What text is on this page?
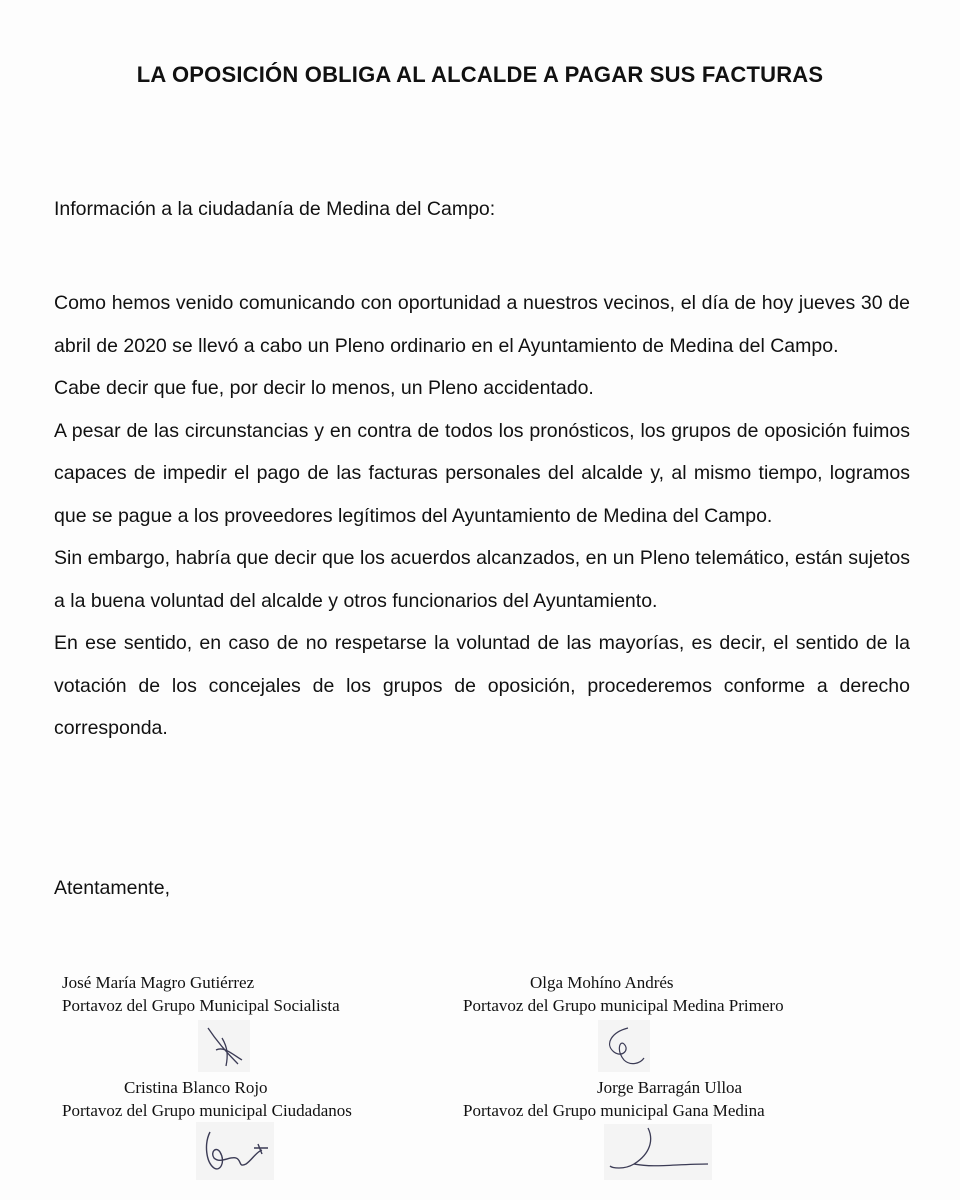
LA OPOSICIÓN OBLIGA AL ALCALDE A PAGAR SUS FACTURAS
Información a la ciudadanía de Medina del Campo:

Como hemos venido comunicando con oportunidad a nuestros vecinos, el día de hoy jueves 30 de abril de 2020 se llevó a cabo un Pleno ordinario en el Ayuntamiento de Medina del Campo.

Cabe decir que fue, por decir lo menos, un Pleno accidentado.

A pesar de las circunstancias y en contra de todos los pronósticos, los grupos de oposición fuimos capaces de impedir el pago de las facturas personales del alcalde y, al mismo tiempo, logramos que se pague a los proveedores legítimos del Ayuntamiento de Medina del Campo.

Sin embargo, habría que decir que los acuerdos alcanzados, en un Pleno telemático, están sujetos a la buena voluntad del alcalde y otros funcionarios del Ayuntamiento.

En ese sentido, en caso de no respetarse la voluntad de las mayorías, es decir, el sentido de la votación de los concejales de los grupos de oposición, procederemos conforme a derecho corresponda.

Atentamente,
José María Magro Gutiérrez
Portavoz del Grupo Municipal Socialista
Olga Mohíno Andrés
Portavoz del Grupo municipal Medina Primero
Cristina Blanco Rojo
Portavoz del Grupo municipal Ciudadanos
Jorge Barragán Ulloa
Portavoz del Grupo municipal Gana Medina
